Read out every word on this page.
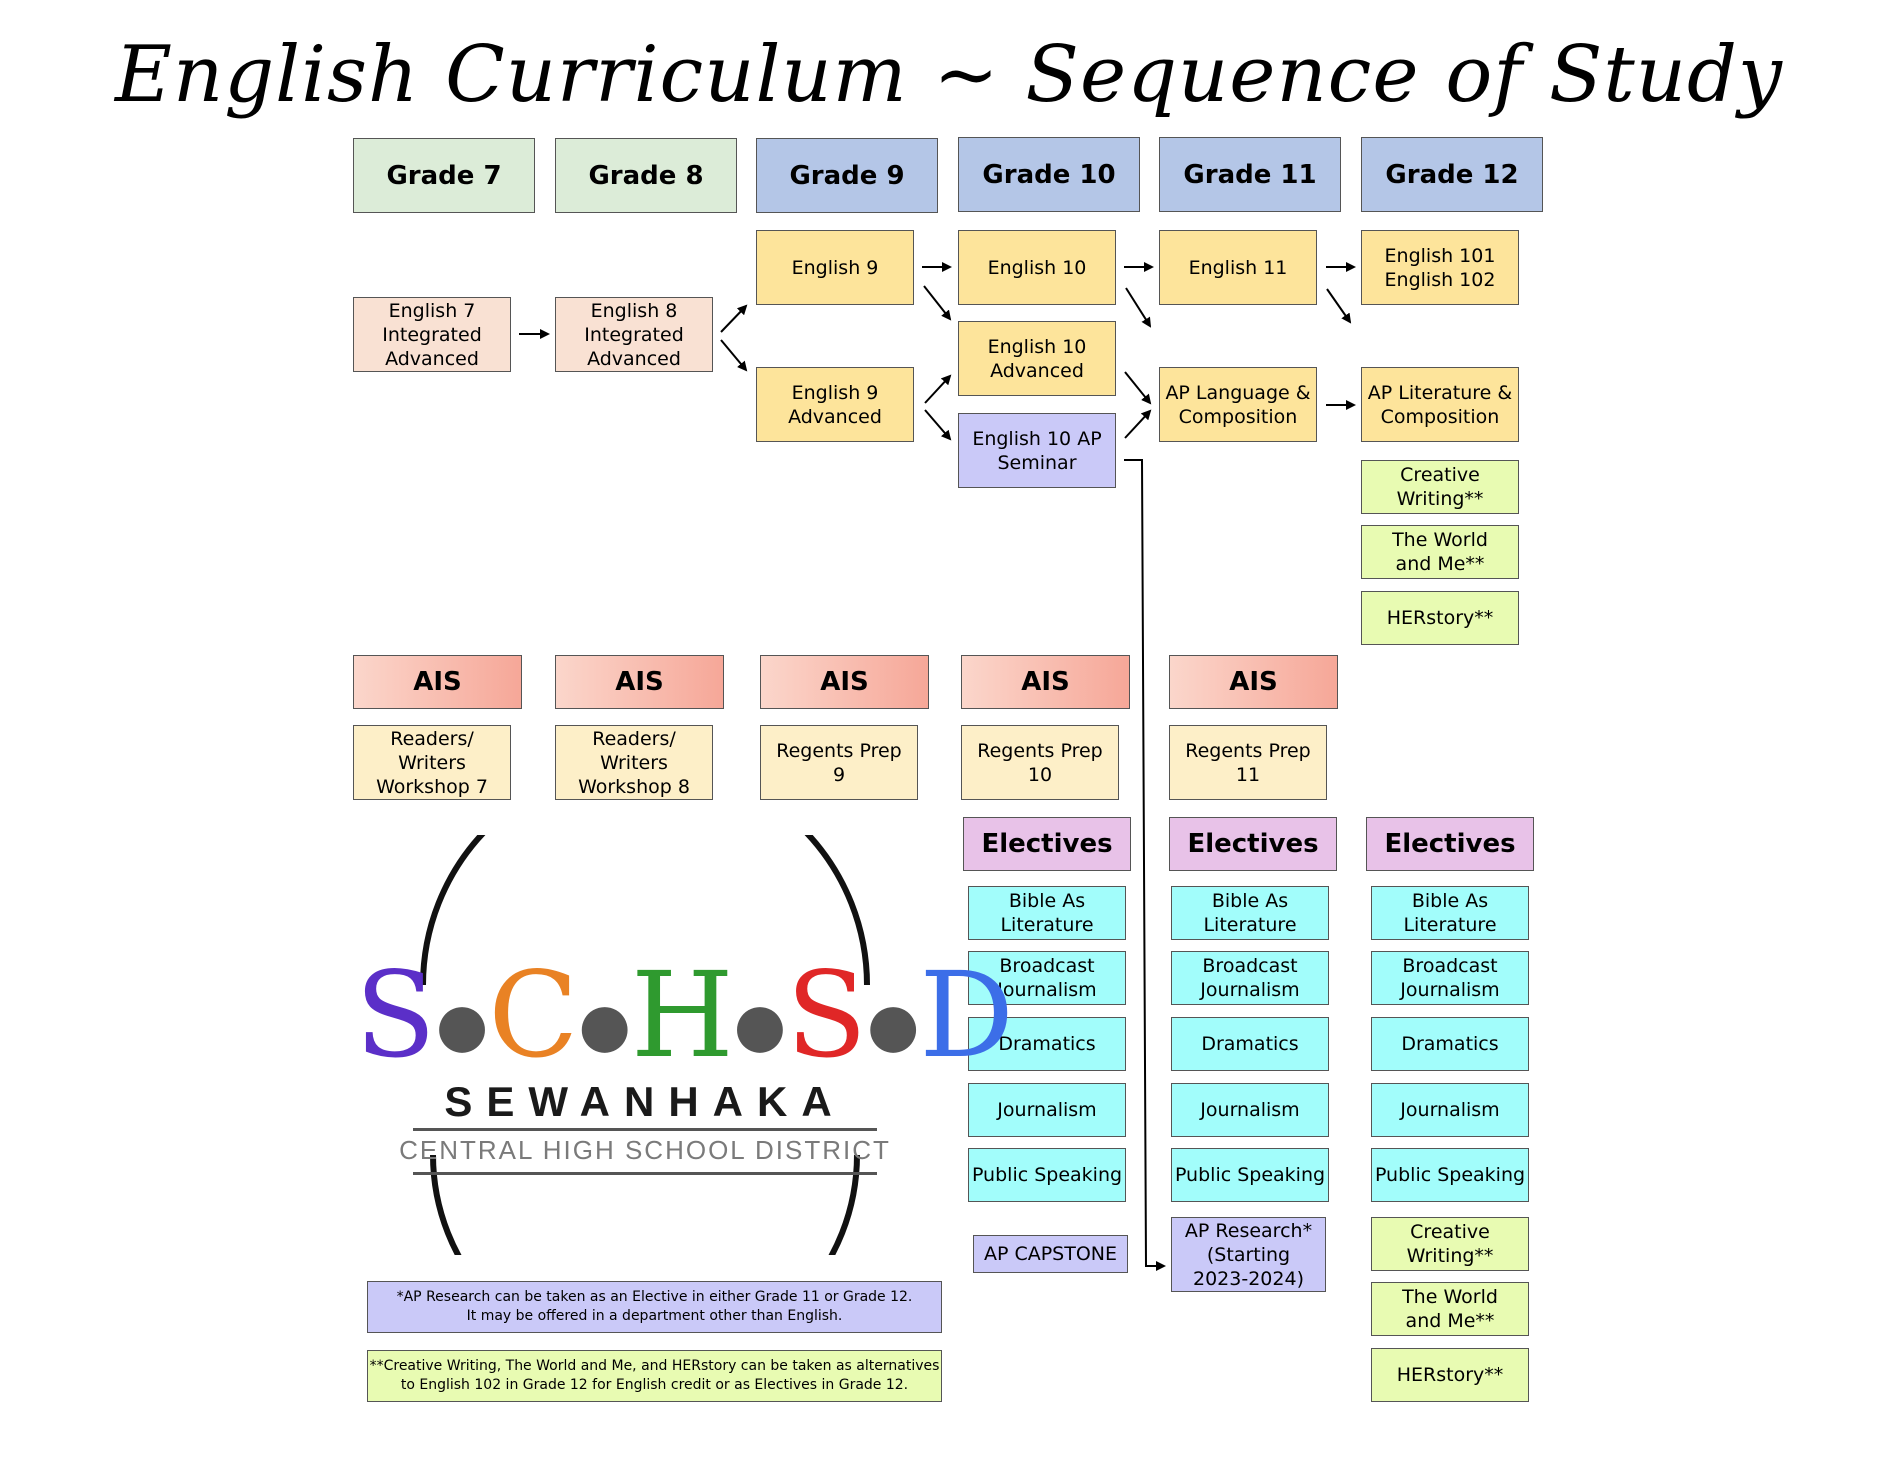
English Curriculum ~ Sequence of Study
Grade 7	Grade 8	Grade 9	Grade 10	Grade 11	Grade 12
English 7
Integrated
Advanced
English 8
Integrated
Advanced
English 9
English 9
Advanced
English 10
English 10
Advanced
English 10 AP
Seminar
English 11
AP Language &
Composition
English 101
English 102
AP Literature &
Composition
Creative
Writing**
The World
and Me**
HERstory**
AIS	AIS	AIS	AIS	AIS
Readers/
Writers
Workshop 7
Readers/
Writers
Workshop 8
Regents Prep
9
Regents Prep
10
Regents Prep
11
Electives	Electives	Electives
Bible As
Literature
Broadcast
Journalism
Dramatics
Journalism
Public Speaking
AP CAPSTONE
Bible As
Literature
Broadcast
Journalism
Dramatics
Journalism
Public Speaking
AP Research*
(Starting
2023-2024)
Bible As
Literature
Broadcast
Journalism
Dramatics
Journalism
Public Speaking
Creative
Writing**
The World
and Me**
HERstory**
*AP Research can be taken as an Elective in either Grade 11 or Grade 12.
It may be offered in a department other than English.
**Creative Writing, The World and Me, and HERstory can be taken as alternatives
to English 102 in Grade 12 for English credit or as Electives in Grade 12.
S●C●H●S●D
SEWANHAKA
CENTRAL HIGH SCHOOL DISTRICT
